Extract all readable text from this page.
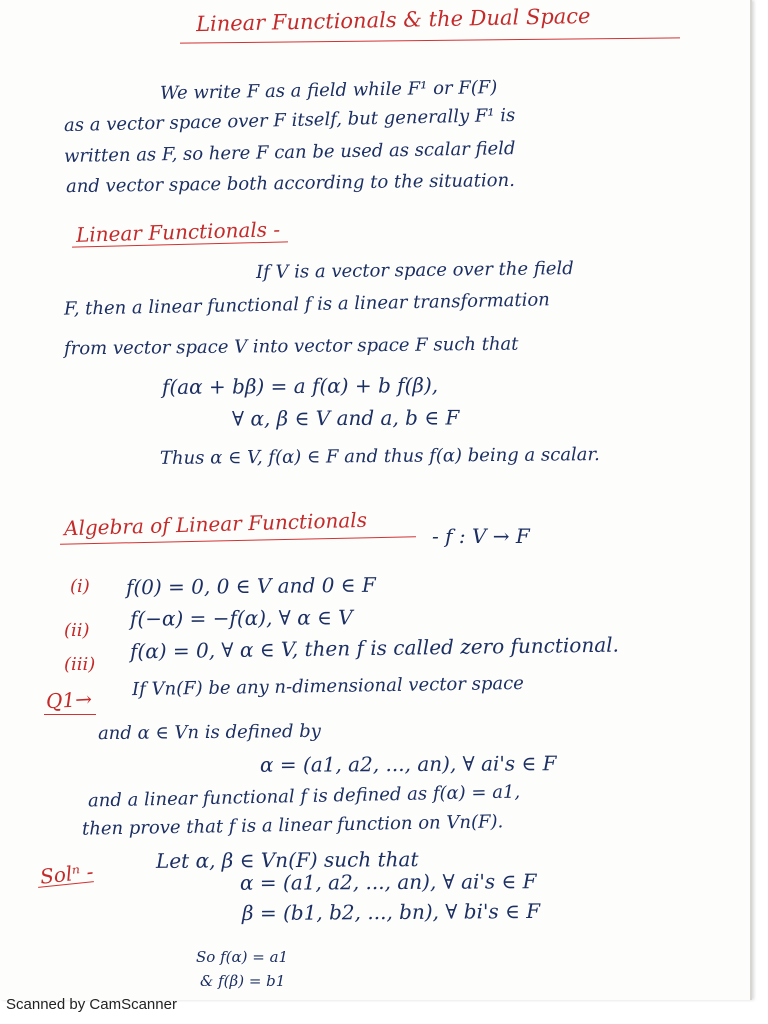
Linear Functionals & the Dual Space
We write F as a field while F¹ or F(F)
as a vector space over F itself, but generally F¹ is
written as F, so here F can be used as scalar field
and vector space both according to the situation.
Linear Functionals -
If V is a vector space over the field
F, then a linear functional f is a linear transformation
from vector space V into vector space F such that
f(aα + bβ) = a f(α) + b f(β),
∀ α, β ∈ V and a, b ∈ F
Thus α ∈ V, f(α) ∈ F and thus f(α) being a scalar.
Algebra of Linear Functionals	- f : V → F
(i) f(0) = 0, 0 ∈ V and 0 ∈ F
(ii) f(−α) = −f(α), ∀ α ∈ V
(iii)
f(α) = 0, ∀ α ∈ V, then f is called zero functional.
Q1→ If Vn(F) be any n-dimensional vector space
and α ∈ Vn is defined by
α = (a1, a2, ..., an), ∀ ai's ∈ F
and a linear functional f is defined as f(α) = a1,
then prove that f is a linear function on Vn(F).
Solⁿ -	Let α, β ∈ Vn(F) such that
α = (a1, a2, ..., an), ∀ ai's ∈ F
β = (b1, b2, ..., bn), ∀ bi's ∈ F
So f(α) = a1
& f(β) = b1
Scanned by CamScanner
